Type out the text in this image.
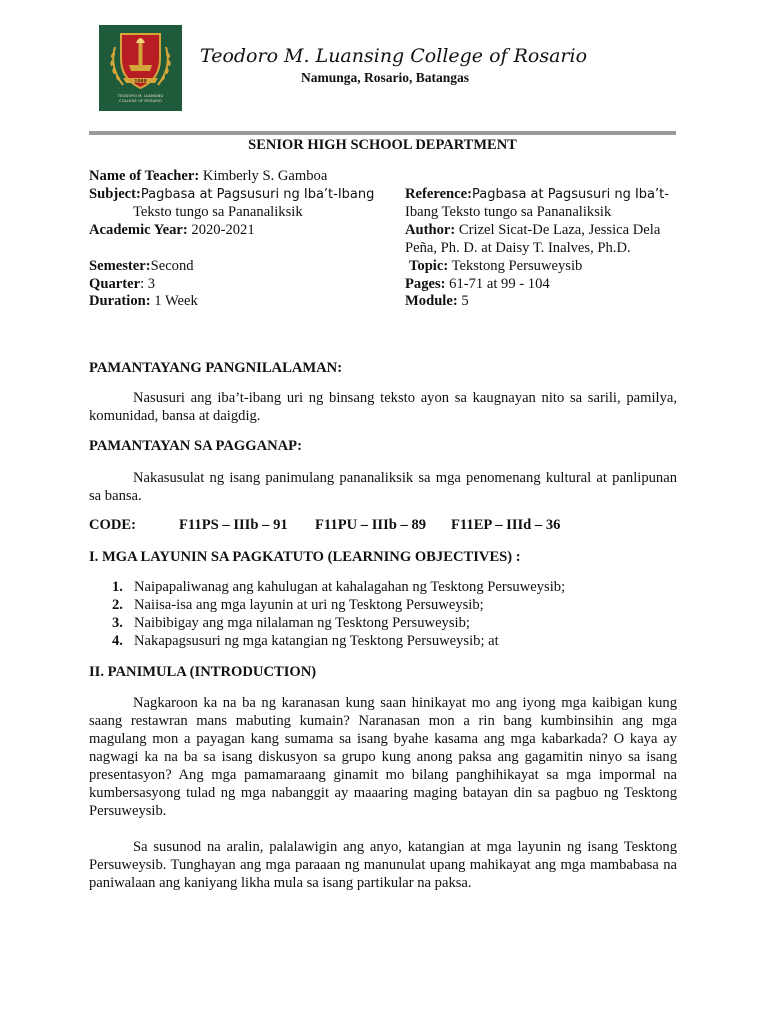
1989
TEODORO M. LUANSING
COLLEGE OF ROSARIO
Teodoro M. Luansing College of Rosario
Namunga, Rosario, Batangas
SENIOR HIGH SCHOOL DEPARTMENT
Name of Teacher: Kimberly S. Gamboa
Subject:Pagbasa at Pagsusuri ng Iba’t-Ibang
Teksto tungo sa Pananaliksik
Academic Year: 2020-2021
Semester:Second
Quarter: 3
Duration: 1 Week
Reference:Pagbasa at Pagsusuri ng Iba’t-
Ibang Teksto tungo sa Pananaliksik
Author: Crizel Sicat-De Laza, Jessica Dela
Peña, Ph. D. at Daisy T. Inalves, Ph.D.
Topic: Tekstong Persuweysib
Pages: 61-71 at 99 - 104
Module: 5
PAMANTAYANG PANGNILALAMAN:
Nasusuri ang iba’t-ibang uri ng binsang teksto ayon sa kaugnayan nito sa sarili, pamilya, komunidad, bansa at daigdig.
PAMANTAYAN SA PAGGANAP:
Nakasusulat ng isang panimulang pananaliksik sa mga penomenang kultural at panlipunan sa bansa.
CODE:	F11PS – IIIb – 91 F11PU – IIIb – 89 F11EP – IIId – 36
I. MGA LAYUNIN SA PAGKATUTO (LEARNING OBJECTIVES) :
1. Naipapaliwanag ang kahulugan at kahalagahan ng Tesktong Persuweysib;
2. Naiisa-isa ang mga layunin at uri ng Tesktong Persuweysib;
3. Naibibigay ang mga nilalaman ng Tesktong Persuweysib;
4. Nakapagsusuri ng mga katangian ng Tesktong Persuweysib; at
II. PANIMULA (INTRODUCTION)
Nagkaroon ka na ba ng karanasan kung saan hinikayat mo ang iyong mga kaibigan kung saang restawran mans mabuting kumain? Naranasan mon a rin bang kumbinsihin ang mga magulang mon a payagan kang sumama sa isang byahe kasama ang mga kabarkada? O kaya ay nagwagi ka na ba sa isang diskusyon sa grupo kung anong paksa ang gagamitin ninyo sa isang presentasyon? Ang mga pamamaraang ginamit mo bilang panghihikayat sa mga impormal na kumbersasyong tulad ng mga nabanggit ay maaaring maging batayan din sa pagbuo ng Tesktong Persuweysib.
Sa susunod na aralin, palalawigin ang anyo, katangian at mga layunin ng isang Tesktong Persuweysib. Tunghayan ang mga paraaan ng manunulat upang mahikayat ang mga mambabasa na paniwalaan ang kaniyang likha mula sa isang partikular na paksa.
